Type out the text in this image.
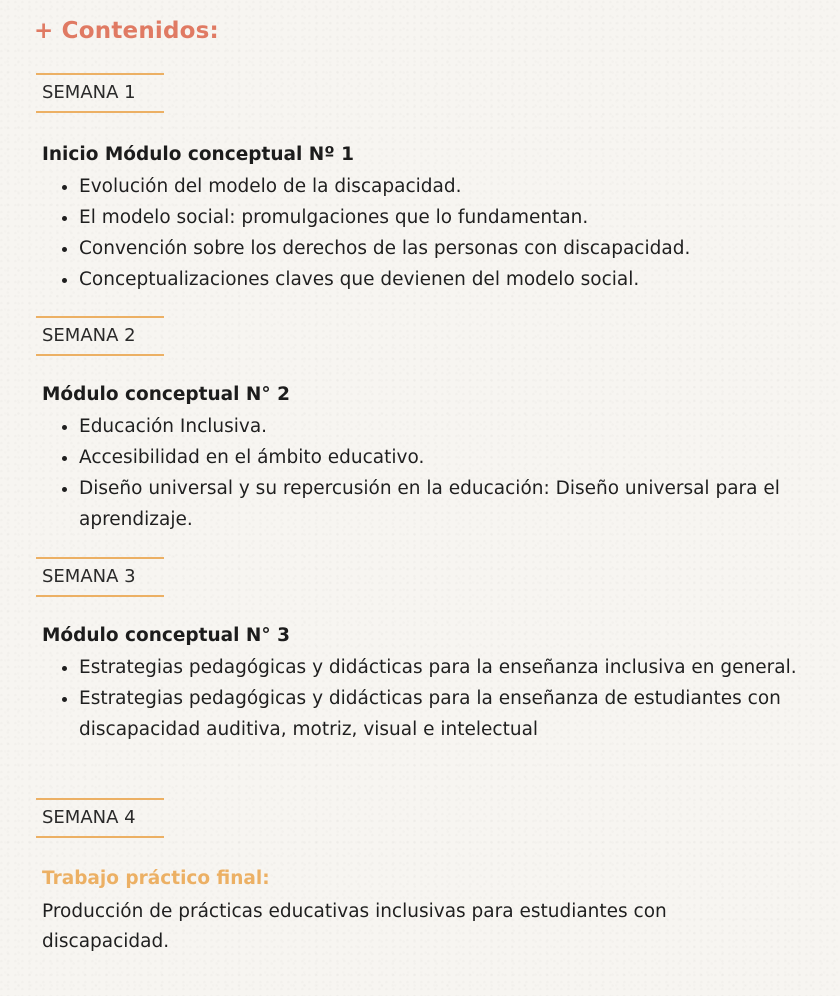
+ Contenidos:
SEMANA 1
Inicio Módulo conceptual Nº 1
• Evolución del modelo de la discapacidad.
• El modelo social: promulgaciones que lo fundamentan.
• Convención sobre los derechos de las personas con discapacidad.
• Conceptualizaciones claves que devienen del modelo social.
SEMANA 2
Módulo conceptual N° 2
• Educación Inclusiva.
• Accesibilidad en el ámbito educativo.
• Diseño universal y su repercusión en la educación: Diseño universal para el aprendizaje.
SEMANA 3
Módulo conceptual N° 3
• Estrategias pedagógicas y didácticas para la enseñanza inclusiva en general.
• Estrategias pedagógicas y didácticas para la enseñanza de estudiantes con discapacidad auditiva, motriz, visual e intelectual
SEMANA 4
Trabajo práctico final:
Producción de prácticas educativas inclusivas para estudiantes con discapacidad.
